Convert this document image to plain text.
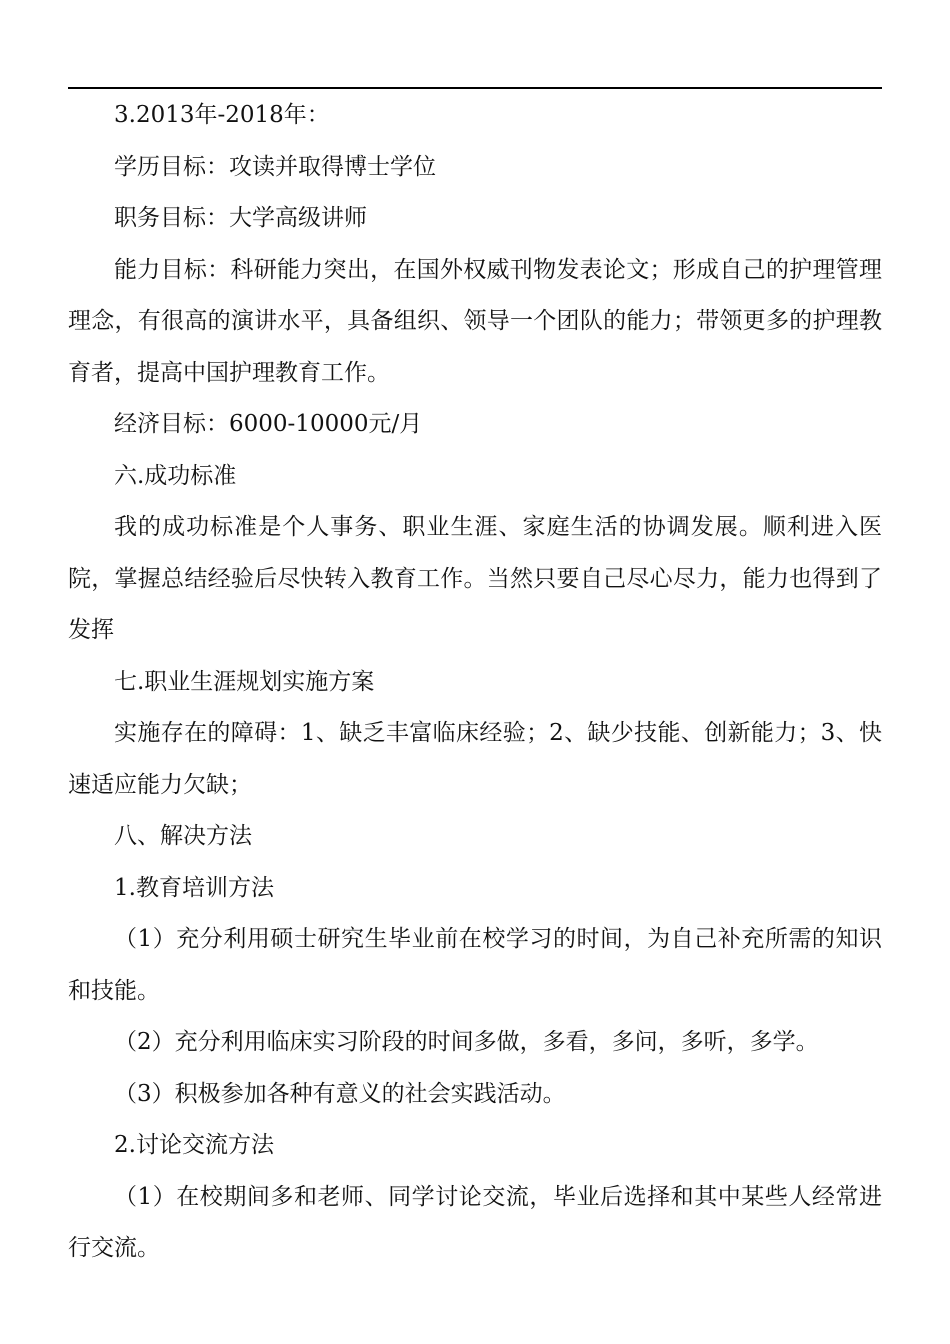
3.2013年-2018年：

学历目标：攻读并取得博士学位

职务目标：大学高级讲师

能力目标：科研能力突出，在国外权威刊物发表论文；形成自己的护理管理理念，有很高的演讲水平，具备组织、领导一个团队的能力；带领更多的护理教育者，提高中国护理教育工作。

经济目标：6000-10000元/月

六.成功标准

我的成功标准是个人事务、职业生涯、家庭生活的协调发展。顺利进入医院，掌握总结经验后尽快转入教育工作。当然只要自己尽心尽力，能力也得到了发挥

七.职业生涯规划实施方案

实施存在的障碍：1、缺乏丰富临床经验；2、缺少技能、创新能力；3、快速适应能力欠缺；

八、解决方法

1.教育培训方法

（1）充分利用硕士研究生毕业前在校学习的时间，为自己补充所需的知识和技能。

（2）充分利用临床实习阶段的时间多做，多看，多问，多听，多学。

（3）积极参加各种有意义的社会实践活动。

2.讨论交流方法

（1）在校期间多和老师、同学讨论交流，毕业后选择和其中某些人经常进行交流。
